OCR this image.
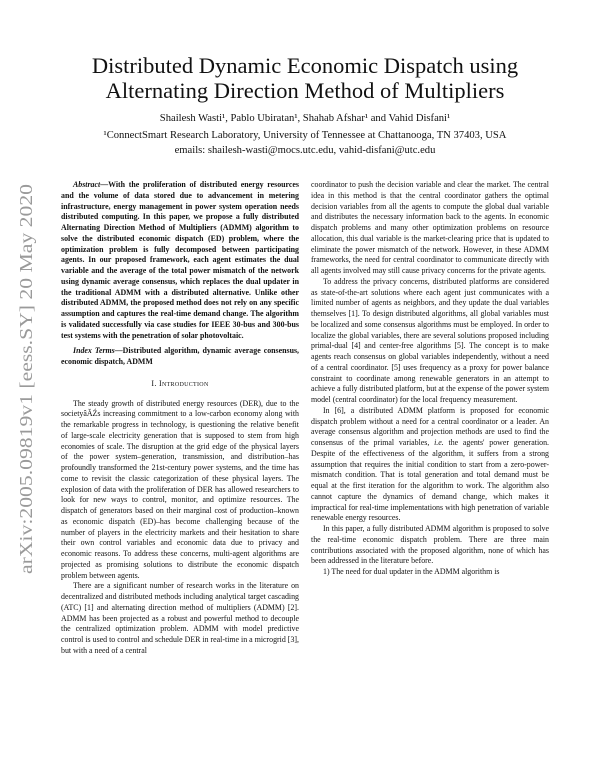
arXiv:2005.09819v1 [eess.SY] 20 May 2020
Distributed Dynamic Economic Dispatch using
Alternating Direction Method of Multipliers
Shailesh Wasti¹, Pablo Ubiratan¹, Shahab Afshar¹ and Vahid Disfani¹
¹ConnectSmart Research Laboratory, University of Tennessee at Chattanooga, TN 37403, USA
emails: shailesh-wasti@mocs.utc.edu, vahid-disfani@utc.edu

Abstract—With the proliferation of distributed energy resources and the volume of data stored due to advancement in metering infrastructure, energy management in power system operation needs distributed computing. In this paper, we propose a fully distributed Alternating Direction Method of Multipliers (ADMM) algorithm to solve the distributed economic dispatch (ED) problem, where the optimization problem is fully decomposed between participating agents. In our proposed framework, each agent estimates the dual variable and the average of the total power mismatch of the network using dynamic average consensus, which replaces the dual updater in the traditional ADMM with a distributed alternative. Unlike other distributed ADMM, the proposed method does not rely on any specific assumption and captures the real-time demand change. The algorithm is validated successfully via case studies for IEEE 30-bus and 300-bus test systems with the penetration of solar photovoltaic.

Index Terms—Distributed algorithm, dynamic average consensus, economic dispatch, ADMM

I. Introduction

The steady growth of distributed energy resources (DER), due to the societyâĂŹs increasing commitment to a low-carbon economy along with the remarkable progress in technology, is questioning the relative benefit of large-scale electricity generation that is supposed to stem from high economies of scale. The disruption at the grid edge of the physical layers of the power system–generation, transmission, and distribution–has profoundly transformed the 21st-century power systems, and the time has come to revisit the classic categorization of these physical layers. The explosion of data with the proliferation of DER has allowed researchers to look for new ways to control, monitor, and optimize resources. The dispatch of generators based on their marginal cost of production–known as economic dispatch (ED)–has become challenging because of the number of players in the electricity markets and their hesitation to share their own control variables and economic data due to privacy and economic reasons. To address these concerns, multi-agent algorithms are projected as promising solutions to distribute the economic dispatch problem between agents.

There are a significant number of research works in the literature on decentralized and distributed methods including analytical target cascading (ATC) [1] and alternating direction method of multipliers (ADMM) [2]. ADMM has been projected as a robust and powerful method to decouple the centralized optimization problem. ADMM with model predictive control is used to control and schedule DER in real-time in a microgrid [3], but with a need of a central

coordinator to push the decision variable and clear the market. The central idea in this method is that the central coordinator gathers the optimal decision variables from all the agents to compute the global dual variable and distributes the necessary information back to the agents. In economic dispatch problems and many other optimization problems on resource allocation, this dual variable is the market-clearing price that is updated to eliminate the power mismatch of the network. However, in these ADMM frameworks, the need for central coordinator to communicate directly with all agents involved may still cause privacy concerns for the private agents.

To address the privacy concerns, distributed platforms are considered as state-of-the-art solutions where each agent just communicates with a limited number of agents as neighbors, and they update the dual variables themselves [1]. To design distributed algorithms, all global variables must be localized and some consensus algorithms must be employed. In order to localize the global variables, there are several solutions proposed including primal-dual [4] and center-free algorithms [5]. The concept is to make agents reach consensus on global variables independently, without a need of a central coordinator. [5] uses frequency as a proxy for power balance constraint to coordinate among renewable generators in an attempt to achieve a fully distributed platform, but at the expense of the power system model (central coordinator) for the local frequency measurement.

In [6], a distributed ADMM platform is proposed for economic dispatch problem without a need for a central coordinator or a leader. An average consensus algorithm and projection methods are used to find the consensus of the primal variables, i.e. the agents' power generation. Despite of the effectiveness of the algorithm, it suffers from a strong assumption that requires the initial condition to start from a zero-power-mismatch condition. That is total generation and total demand must be equal at the first iteration for the algorithm to work. The algorithm also cannot capture the dynamics of demand change, which makes it impractical for real-time implementations with high penetration of variable renewable energy resources.

In this paper, a fully distributed ADMM algorithm is proposed to solve the real-time economic dispatch problem. There are three main contributions associated with the proposed algorithm, none of which has been addressed in the literature before.

1) The need for dual updater in the ADMM algorithm is
